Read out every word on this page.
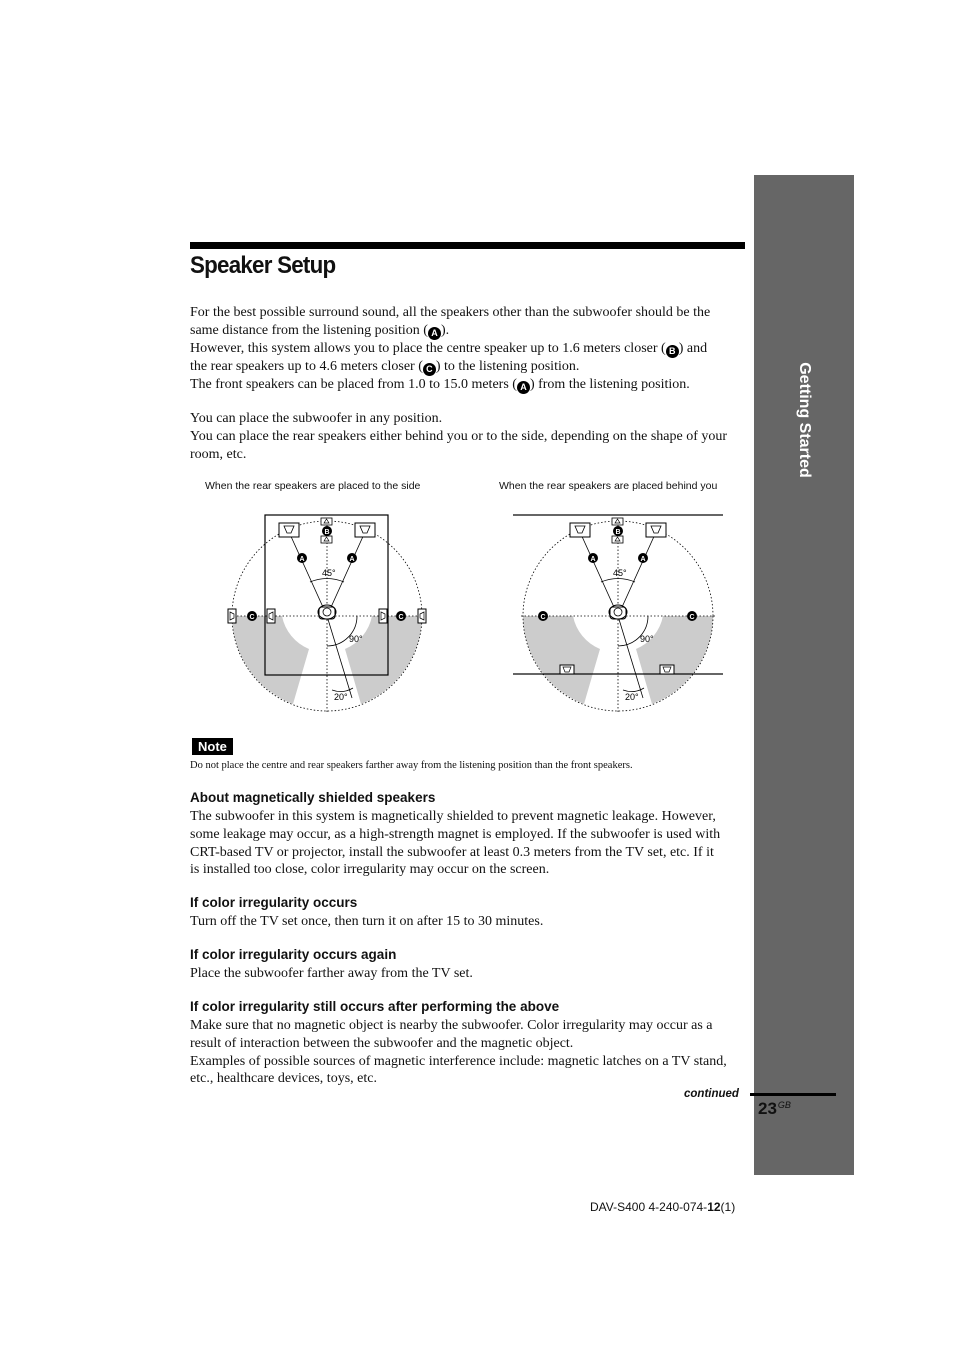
Getting Started
Speaker Setup
For the best possible surround sound, all the speakers other than the subwoofer should be the
same distance from the listening position ( A ).
However, this system allows you to place the centre speaker up to 1.6 meters closer ( B ) and
the rear speakers up to 4.6 meters closer ( C ) to the listening position.
The front speakers can be placed from 1.0 to 15.0 meters ( A ) from the listening position.
You can place the subwoofer in any position.
You can place the rear speakers either behind you or to the side, depending on the shape of your
room, etc.
When the rear speakers are placed to the side	When the rear speakers are placed behind you
B
A	A
C	C
45°
90°
20°
B
A	A
C	C
45°
90°
20°
Note
Do not place the centre and rear speakers farther away from the listening position than the front speakers.
About magnetically shielded speakers
The subwoofer in this system is magnetically shielded to prevent magnetic leakage. However,
some leakage may occur, as a high-strength magnet is employed. If the subwoofer is used with
CRT-based TV or projector, install the subwoofer at least 0.3 meters from the TV set, etc. If it
is installed too close, color irregularity may occur on the screen.
If color irregularity occurs
Turn off the TV set once, then turn it on after 15 to 30 minutes.
If color irregularity occurs again
Place the subwoofer farther away from the TV set.
If color irregularity still occurs after performing the above
Make sure that no magnetic object is nearby the subwoofer. Color irregularity may occur as a
result of interaction between the subwoofer and the magnetic object.
Examples of possible sources of magnetic interference include: magnetic latches on a TV stand,
etc., healthcare devices, toys, etc.
continued
$23^{GB}$
DAV-S400 4-240-074-12(1)
